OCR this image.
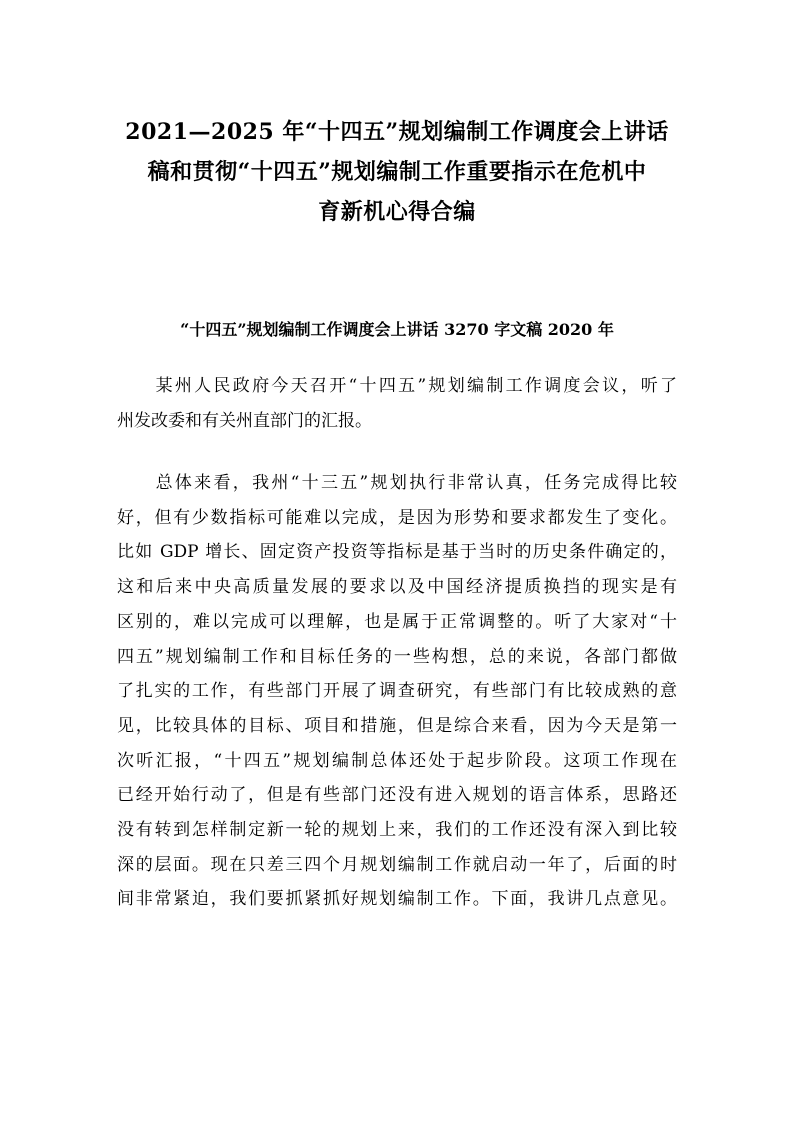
2021—2025 年“十四五”规划编制工作调度会上讲话
稿和贯彻“十四五”规划编制工作重要指示在危机中
育新机心得合编
“十四五”规划编制工作调度会上讲话 3270 字文稿 2020 年

　　某州人民政府今天召开“十四五”规划编制工作调度会议，听了
州发改委和有关州直部门的汇报。

　　总体来看，我州“十三五”规划执行非常认真，任务完成得比较
好，但有少数指标可能难以完成，是因为形势和要求都发生了变化。
比如 GDP 增长、固定资产投资等指标是基于当时的历史条件确定的，
这和后来中央高质量发展的要求以及中国经济提质换挡的现实是有
区别的，难以完成可以理解，也是属于正常调整的。听了大家对“十
四五”规划编制工作和目标任务的一些构想，总的来说，各部门都做
了扎实的工作，有些部门开展了调查研究，有些部门有比较成熟的意
见，比较具体的目标、项目和措施，但是综合来看，因为今天是第一
次听汇报，“十四五”规划编制总体还处于起步阶段。这项工作现在
已经开始行动了，但是有些部门还没有进入规划的语言体系，思路还
没有转到怎样制定新一轮的规划上来，我们的工作还没有深入到比较
深的层面。现在只差三四个月规划编制工作就启动一年了，后面的时
间非常紧迫，我们要抓紧抓好规划编制工作。下面，我讲几点意见。
